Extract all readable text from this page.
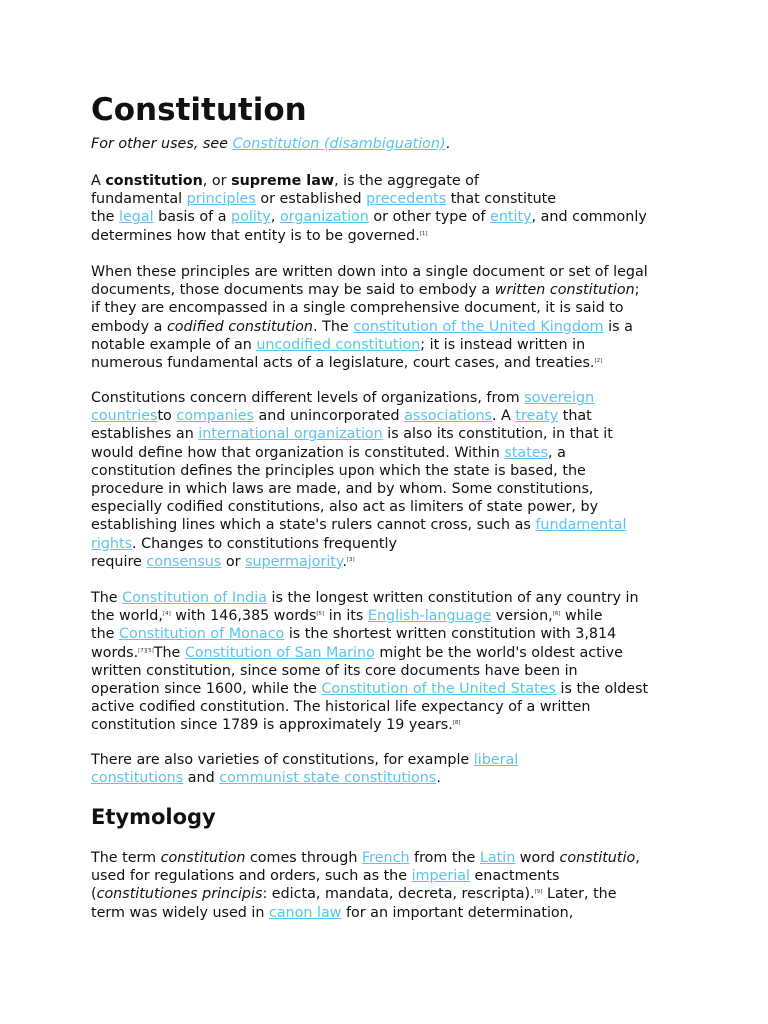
Constitution

For other uses, see Constitution (disambiguation).

A constitution, or supreme law, is the aggregate of
fundamental principles or established precedents that constitute
the legal basis of a polity, organization or other type of entity, and commonly
determines how that entity is to be governed.[1]

When these principles are written down into a single document or set of legal
documents, those documents may be said to embody a written constitution;
if they are encompassed in a single comprehensive document, it is said to
embody a codified constitution. The constitution of the United Kingdom is a
notable example of an uncodified constitution; it is instead written in
numerous fundamental acts of a legislature, court cases, and treaties.[2]

Constitutions concern different levels of organizations, from sovereign
countriesto companies and unincorporated associations. A treaty that
establishes an international organization is also its constitution, in that it
would define how that organization is constituted. Within states, a
constitution defines the principles upon which the state is based, the
procedure in which laws are made, and by whom. Some constitutions,
especially codified constitutions, also act as limiters of state power, by
establishing lines which a state's rulers cannot cross, such as fundamental
rights. Changes to constitutions frequently
require consensus or supermajority.[3]

The Constitution of India is the longest written constitution of any country in
the world,[4] with 146,385 words[5] in its English-language version,[6] while
the Constitution of Monaco is the shortest written constitution with 3,814
words.[7][5]The Constitution of San Marino might be the world's oldest active
written constitution, since some of its core documents have been in
operation since 1600, while the Constitution of the United States is the oldest
active codified constitution. The historical life expectancy of a written
constitution since 1789 is approximately 19 years.[8]

There are also varieties of constitutions, for example liberal
constitutions and communist state constitutions.

Etymology

The term constitution comes through French from the Latin word constitutio,
used for regulations and orders, such as the imperial enactments
(constitutiones principis: edicta, mandata, decreta, rescripta).[9] Later, the
term was widely used in canon law for an important determination,
